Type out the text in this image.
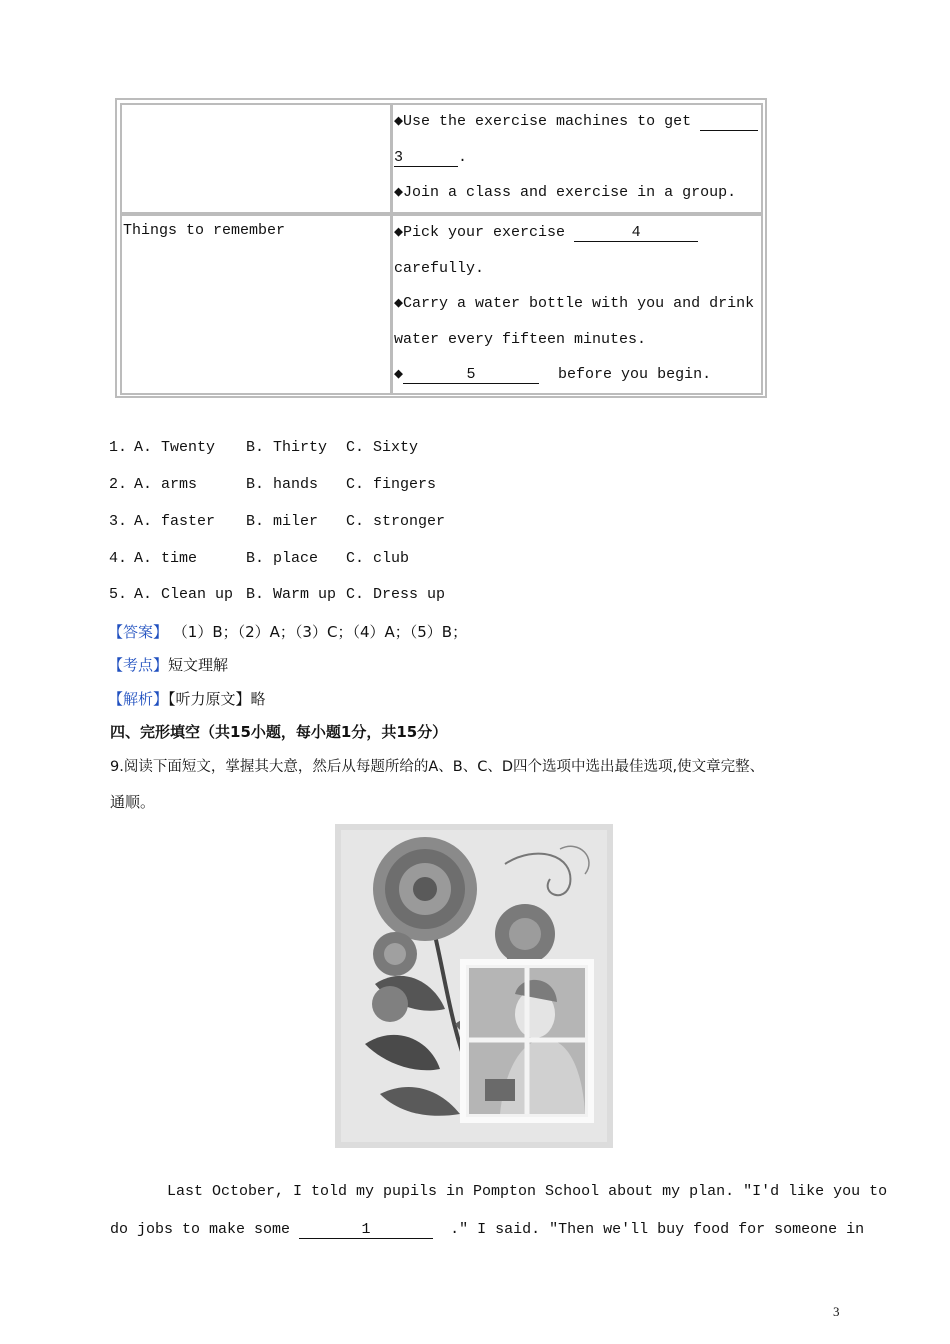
◆Use the exercise machines to get
3	.
◆Join a class and exercise in a group.
Things to remember	◆Pick your exercise	4
carefully.
◆Carry a water bottle with you and drink
water every fifteen minutes.
◆	5	before you begin.
1. A. Twenty B. Thirty C. Sixty
2. A. arms	B. hands C. fingers
3. A. faster B. miler C. stronger
4. A. time	B. place C. club
5. A. Clean up B. Warm up C. Dress up
【答案】 （1）B；（2）A；（3）C；（4）A；（5）B；
【考点】短文理解
【解析】【听力原文】略
四、完形填空（共15小题，每小题1分，共15分）
9.阅读下面短文，掌握其大意，然后从每题所给的A、B、C、D四个选项中选出最佳选项,使文章完整、
通顺。
Last October, I told my pupils in Pompton School about my plan. "I'd like you to
do jobs to make some	1	." I said. "Then we'll buy food for someone in
3
